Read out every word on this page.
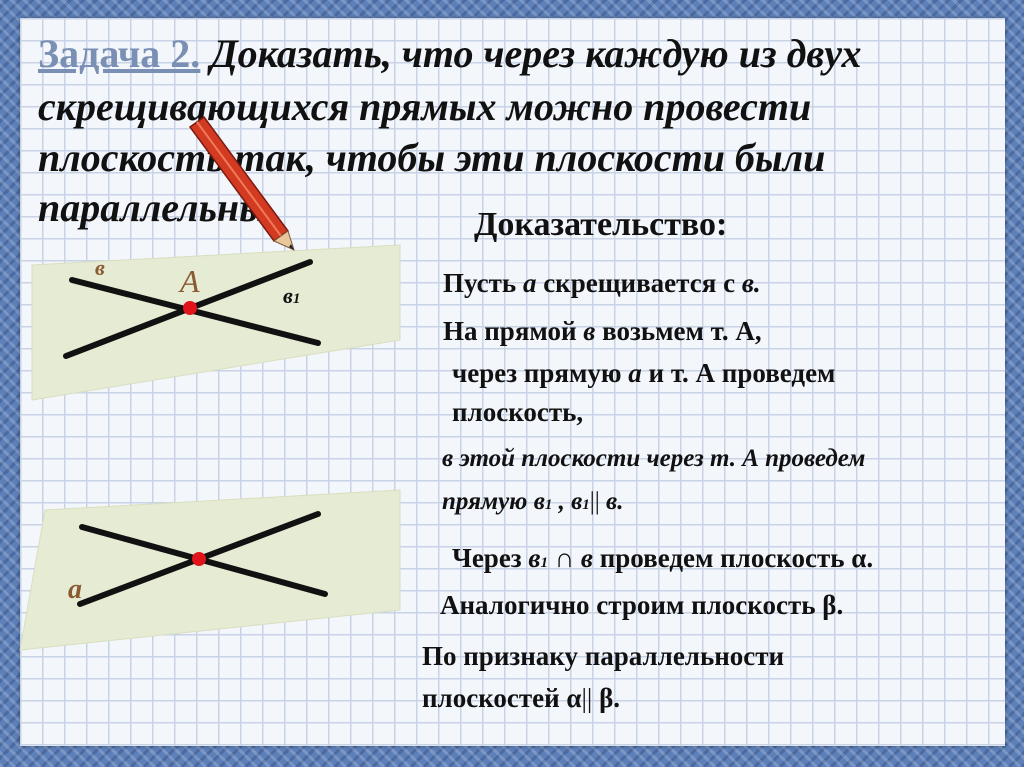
Задача 2. Доказать, что через каждую из двух
скрещивающихся прямых можно провести
плоскость так, чтобы эти плоскости были
параллельны.
в А	в1
а
Доказательство:
Пусть а скрещивается с в.
На прямой в возьмем т. А,
через прямую а и т. А проведем
плоскость,
в этой плоскости через т. А проведем
прямую в1 , в1|| в.
Через в1 ∩ в проведем плоскость α.
Аналогично строим плоскость β.
По признаку параллельности
плоскостей α|| β.
